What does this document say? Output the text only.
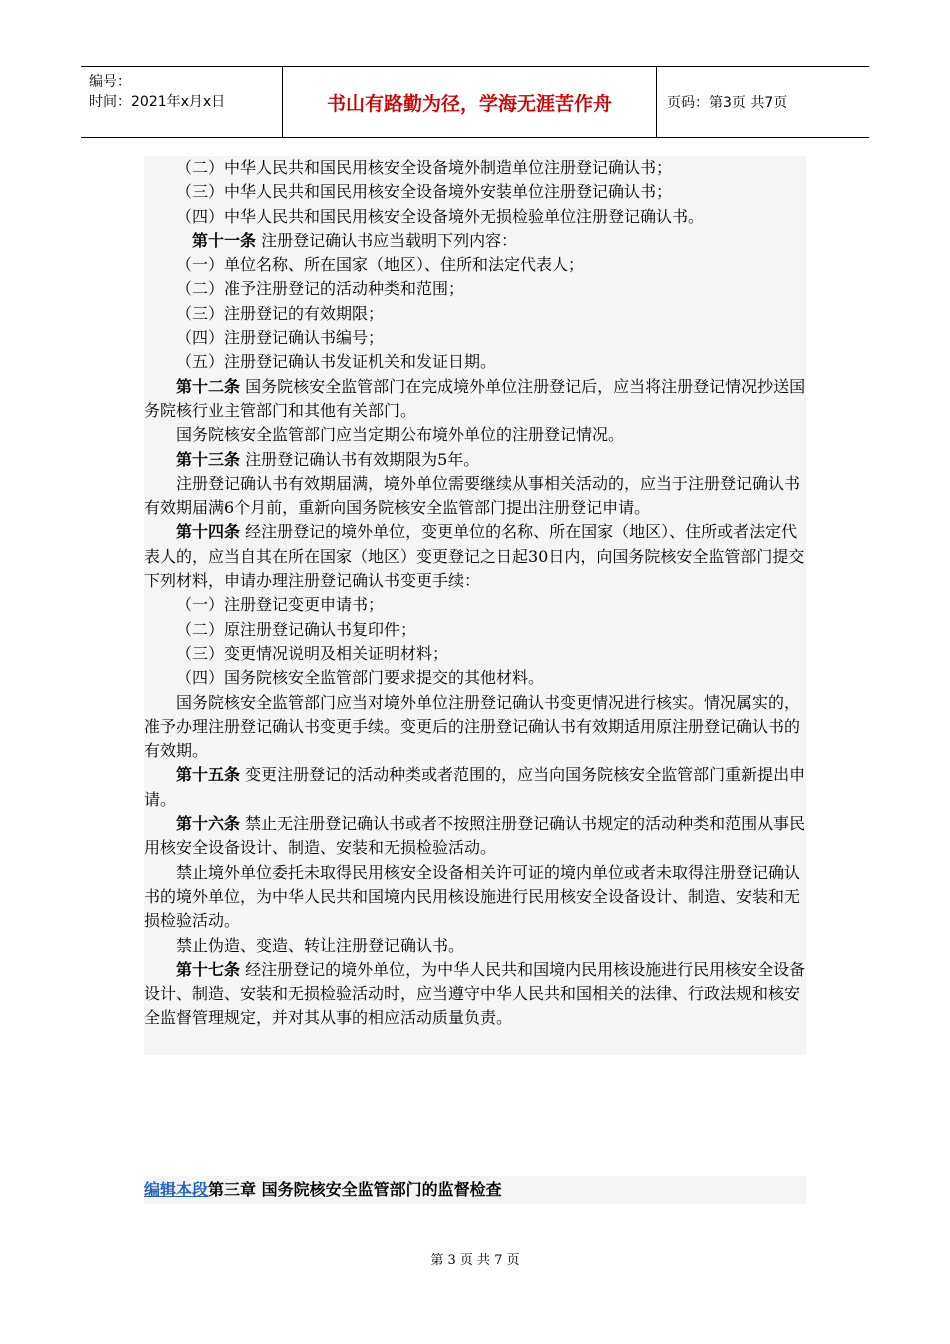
编号：
时间：2021年x月x日	书山有路勤为径，学海无涯苦作舟	页码：第3页 共7页

（二）中华人民共和国民用核安全设备境外制造单位注册登记确认书；

（三）中华人民共和国民用核安全设备境外安装单位注册登记确认书；

（四）中华人民共和国民用核安全设备境外无损检验单位注册登记确认书。

第十一条 注册登记确认书应当载明下列内容：

（一）单位名称、所在国家（地区）、住所和法定代表人；

（二）准予注册登记的活动种类和范围；

（三）注册登记的有效期限；

（四）注册登记确认书编号；

（五）注册登记确认书发证机关和发证日期。

第十二条 国务院核安全监管部门在完成境外单位注册登记后，应当将注册登记情况抄送国务院核行业主管部门和其他有关部门。

国务院核安全监管部门应当定期公布境外单位的注册登记情况。

第十三条 注册登记确认书有效期限为5年。

注册登记确认书有效期届满，境外单位需要继续从事相关活动的，应当于注册登记确认书有效期届满6个月前，重新向国务院核安全监管部门提出注册登记申请。

第十四条 经注册登记的境外单位，变更单位的名称、所在国家（地区）、住所或者法定代表人的，应当自其在所在国家（地区）变更登记之日起30日内，向国务院核安全监管部门提交下列材料，申请办理注册登记确认书变更手续：

（一）注册登记变更申请书；

（二）原注册登记确认书复印件；

（三）变更情况说明及相关证明材料；

（四）国务院核安全监管部门要求提交的其他材料。

国务院核安全监管部门应当对境外单位注册登记确认书变更情况进行核实。情况属实的，准予办理注册登记确认书变更手续。变更后的注册登记确认书有效期适用原注册登记确认书的有效期。

第十五条 变更注册登记的活动种类或者范围的，应当向国务院核安全监管部门重新提出申请。

第十六条 禁止无注册登记确认书或者不按照注册登记确认书规定的活动种类和范围从事民用核安全设备设计、制造、安装和无损检验活动。

禁止境外单位委托未取得民用核安全设备相关许可证的境内单位或者未取得注册登记确认书的境外单位，为中华人民共和国境内民用核设施进行民用核安全设备设计、制造、安装和无损检验活动。

禁止伪造、变造、转让注册登记确认书。

第十七条 经注册登记的境外单位，为中华人民共和国境内民用核设施进行民用核安全设备设计、制造、安装和无损检验活动时，应当遵守中华人民共和国相关的法律、行政法规和核安全监督管理规定，并对其从事的相应活动质量负责。

编辑本段第三章 国务院核安全监管部门的监督检查
第 3 页 共 7 页
